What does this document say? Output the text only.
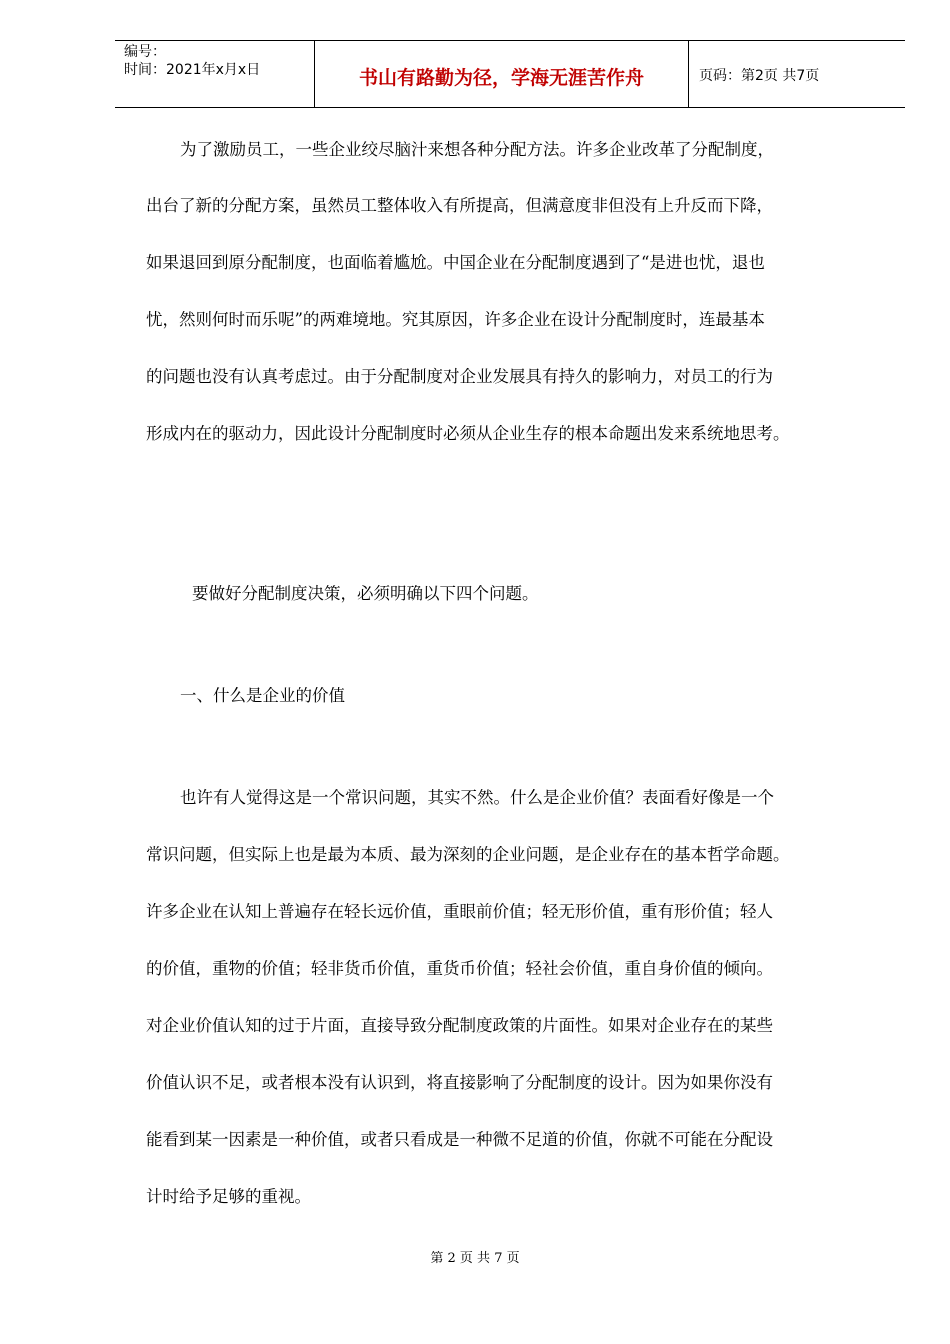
编号：
时间：2021年x月x日	书山有路勤为径，学海无涯苦作舟	页码：第2页 共7页
为了激励员工，一些企业绞尽脑汁来想各种分配方法。许多企业改革了分配制度，
出台了新的分配方案，虽然员工整体收入有所提高，但满意度非但没有上升反而下降，
如果退回到原分配制度，也面临着尴尬。中国企业在分配制度遇到了“是进也忧，退也
忧，然则何时而乐呢”的两难境地。究其原因，许多企业在设计分配制度时，连最基本
的问题也没有认真考虑过。由于分配制度对企业发展具有持久的影响力，对员工的行为
形成内在的驱动力，因此设计分配制度时必须从企业生存的根本命题出发来系统地思考。
要做好分配制度决策，必须明确以下四个问题。
一、什么是企业的价值
也许有人觉得这是一个常识问题，其实不然。什么是企业价值？表面看好像是一个
常识问题，但实际上也是最为本质、最为深刻的企业问题，是企业存在的基本哲学命题。
许多企业在认知上普遍存在轻长远价值，重眼前价值；轻无形价值，重有形价值；轻人
的价值，重物的价值；轻非货币价值，重货币价值；轻社会价值，重自身价值的倾向。
对企业价值认知的过于片面，直接导致分配制度政策的片面性。如果对企业存在的某些
价值认识不足，或者根本没有认识到，将直接影响了分配制度的设计。因为如果你没有
能看到某一因素是一种价值，或者只看成是一种微不足道的价值，你就不可能在分配设
计时给予足够的重视。
第 2 页 共 7 页
